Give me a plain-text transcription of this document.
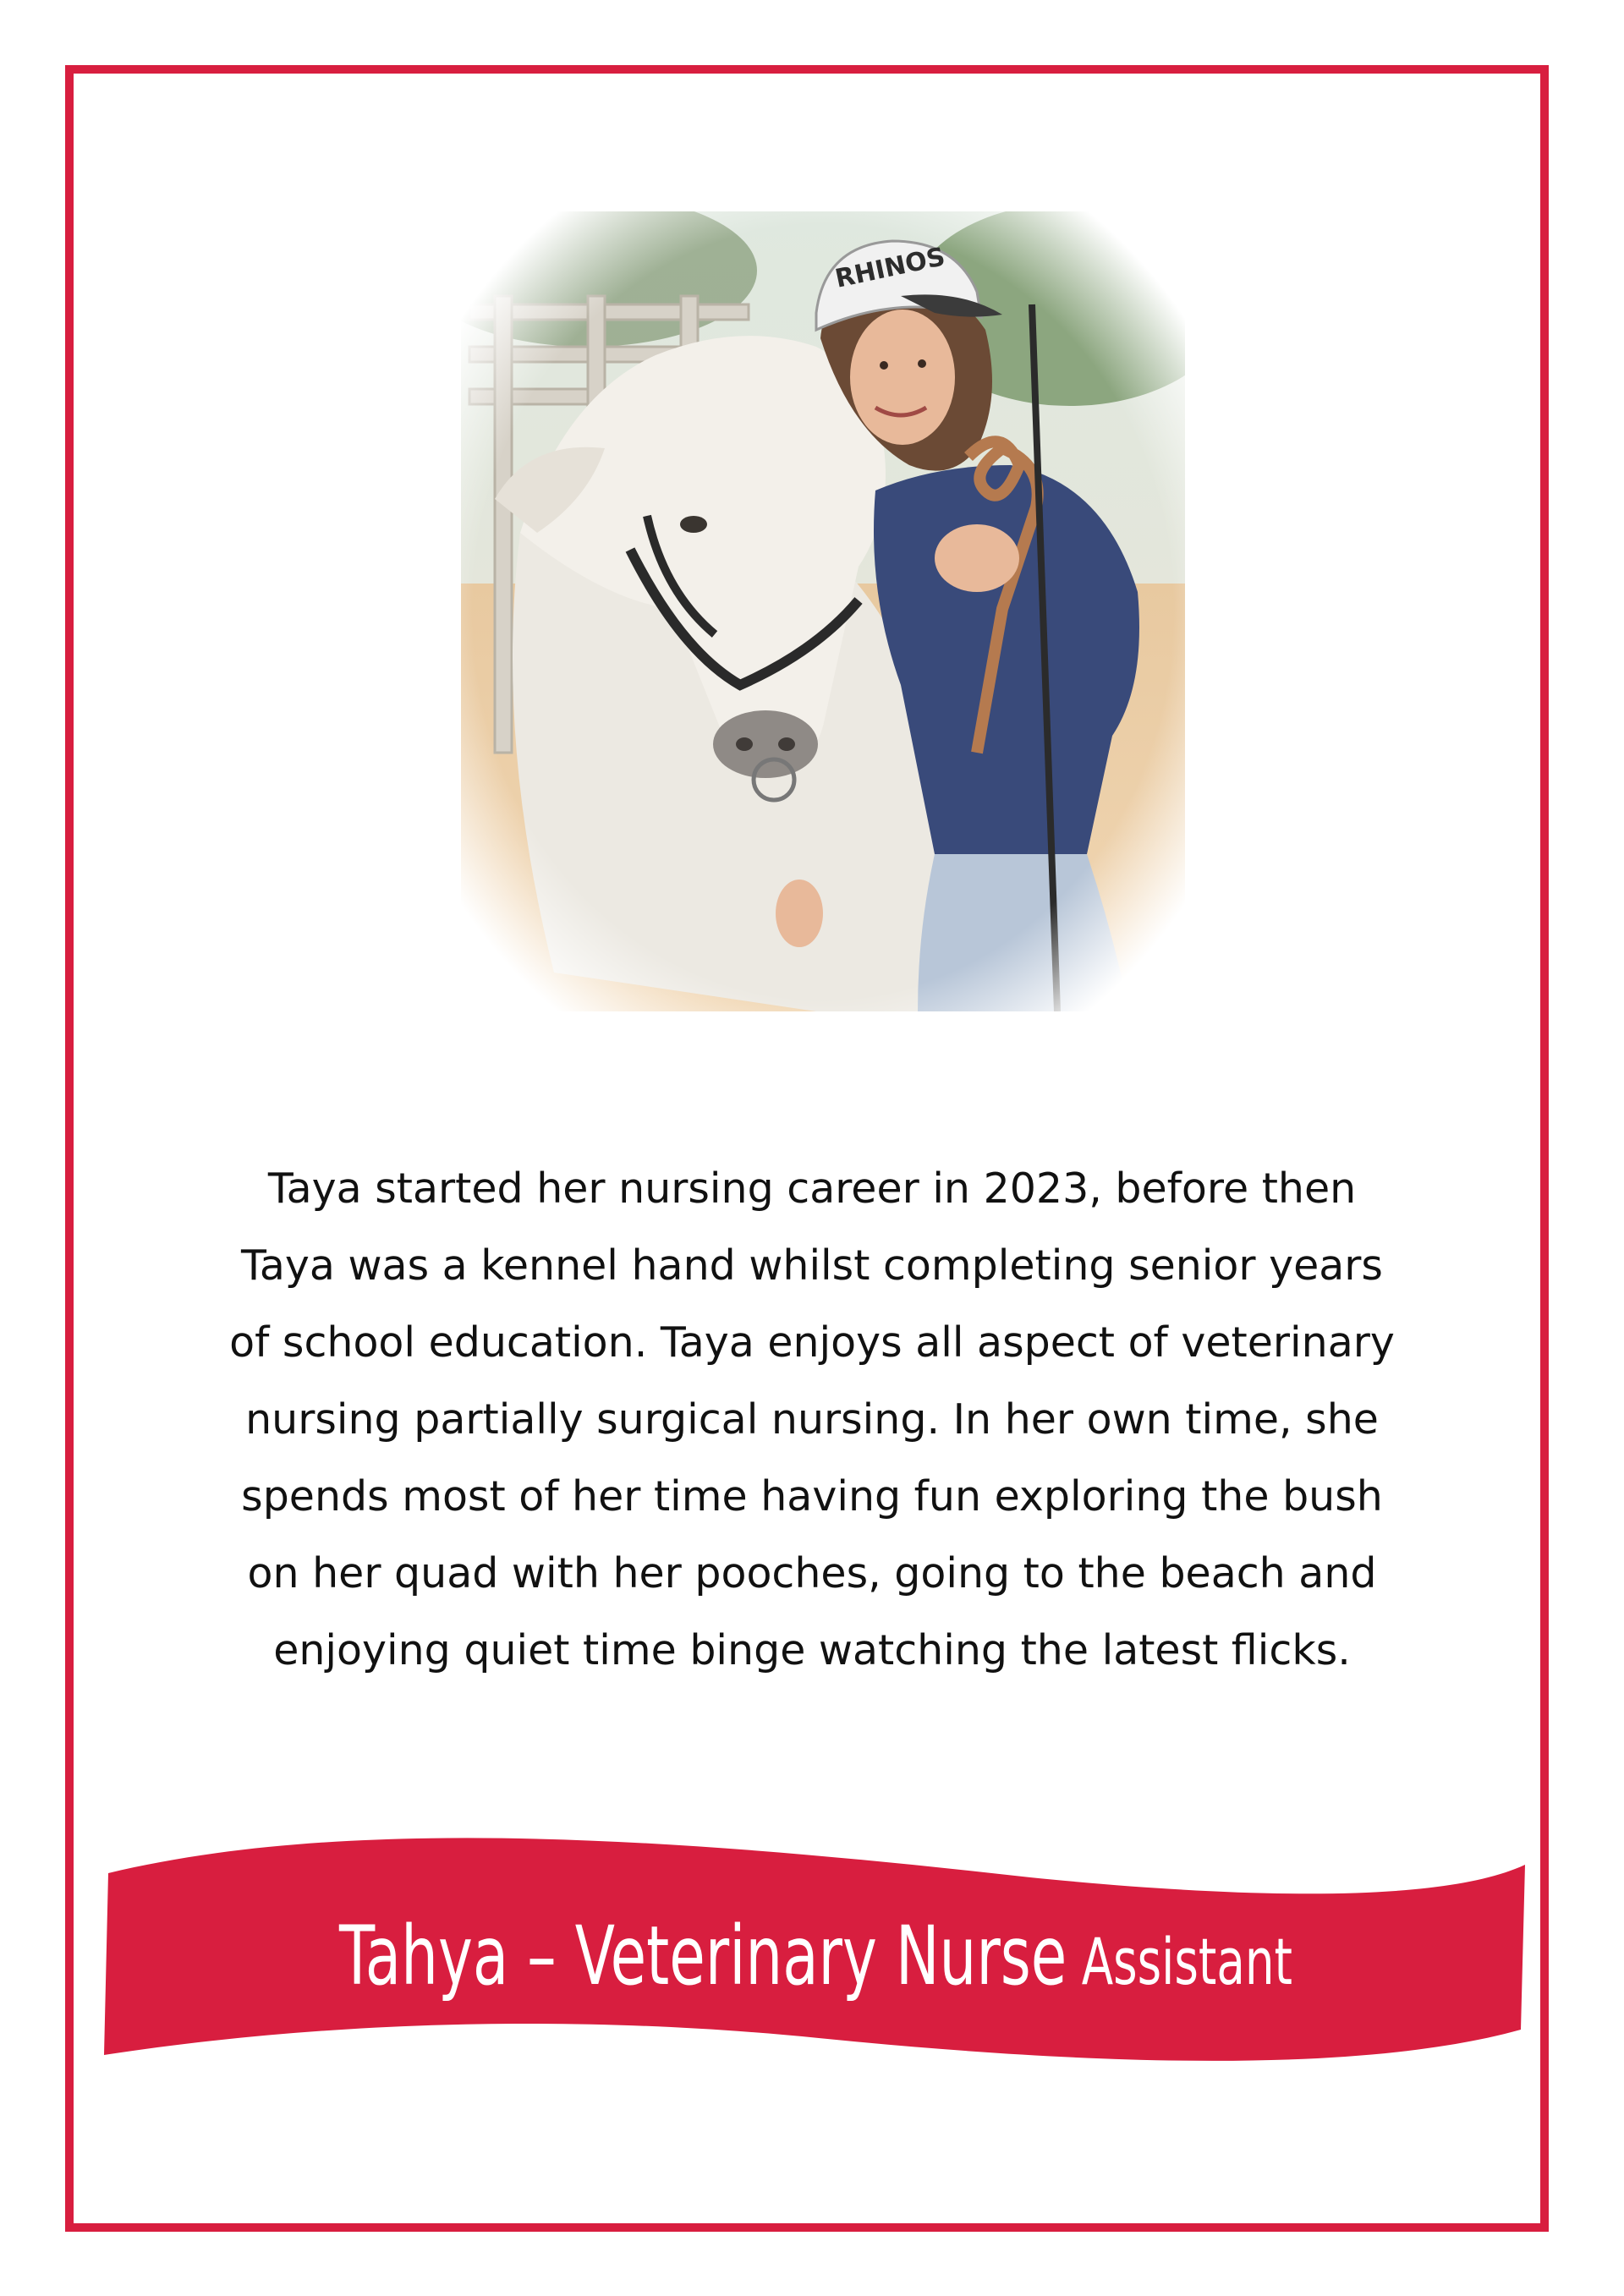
Taya started her nursing career in 2023, before then
Taya was a kennel hand whilst completing senior years
of school education. Taya enjoys all aspect of veterinary
nursing partially surgical nursing. In her own time, she
spends most of her time having fun exploring the bush
on her quad with her pooches, going to the beach and
enjoying quiet time binge watching the latest flicks.
Tahya – Veterinary Nurse Assistant
